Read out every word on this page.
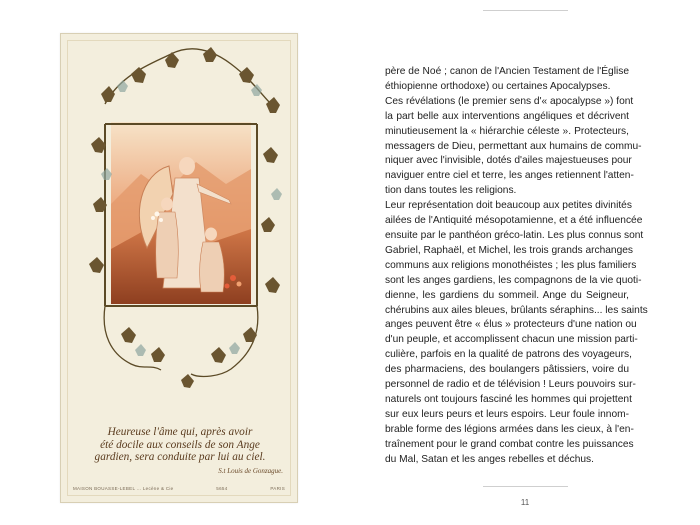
Heureuse l'âme qui, après avoir
été docile aux conseils de son Ange
gardien, sera conduite par lui au ciel.
S.t Louis de Gonzague.
MAISON BOUASSE-LEBEL ... Lecène & Cie	5654	PARIS
père de Noé ; canon de l'Ancien Testament de l'Église
éthiopienne orthodoxe) ou certaines Apocalypses.
Ces révélations (le premier sens d'« apocalypse ») font
la part belle aux interventions angéliques et décrivent
minutieusement la « hiérarchie céleste ». Protecteurs,
messagers de Dieu, permettant aux humains de commu-
niquer avec l'invisible, dotés d'ailes majestueuses pour
naviguer entre ciel et terre, les anges retiennent l'atten-
tion dans toutes les religions.
Leur représentation doit beaucoup aux petites divinités
ailées de l'Antiquité mésopotamienne, et a été influencée
ensuite par le panthéon gréco-latin. Les plus connus sont
Gabriel, Raphaël, et Michel, les trois grands archanges
communs aux religions monothéistes ; les plus familiers
sont les anges gardiens, les compagnons de la vie quoti-
dienne, les gardiens du sommeil. Ange du Seigneur,
chérubins aux ailes bleues, brûlants séraphins... les saints
anges peuvent être « élus » protecteurs d'une nation ou
d'un peuple, et accomplissent chacun une mission parti-
culière, parfois en la qualité de patrons des voyageurs,
des pharmaciens, des boulangers pâtissiers, voire du
personnel de radio et de télévision ! Leurs pouvoirs sur-
naturels ont toujours fasciné les hommes qui projettent
sur eux leurs peurs et leurs espoirs. Leur foule innom-
brable forme des légions armées dans les cieux, à l'en-
traînement pour le grand combat contre les puissances
du Mal, Satan et les anges rebelles et déchus.
11
